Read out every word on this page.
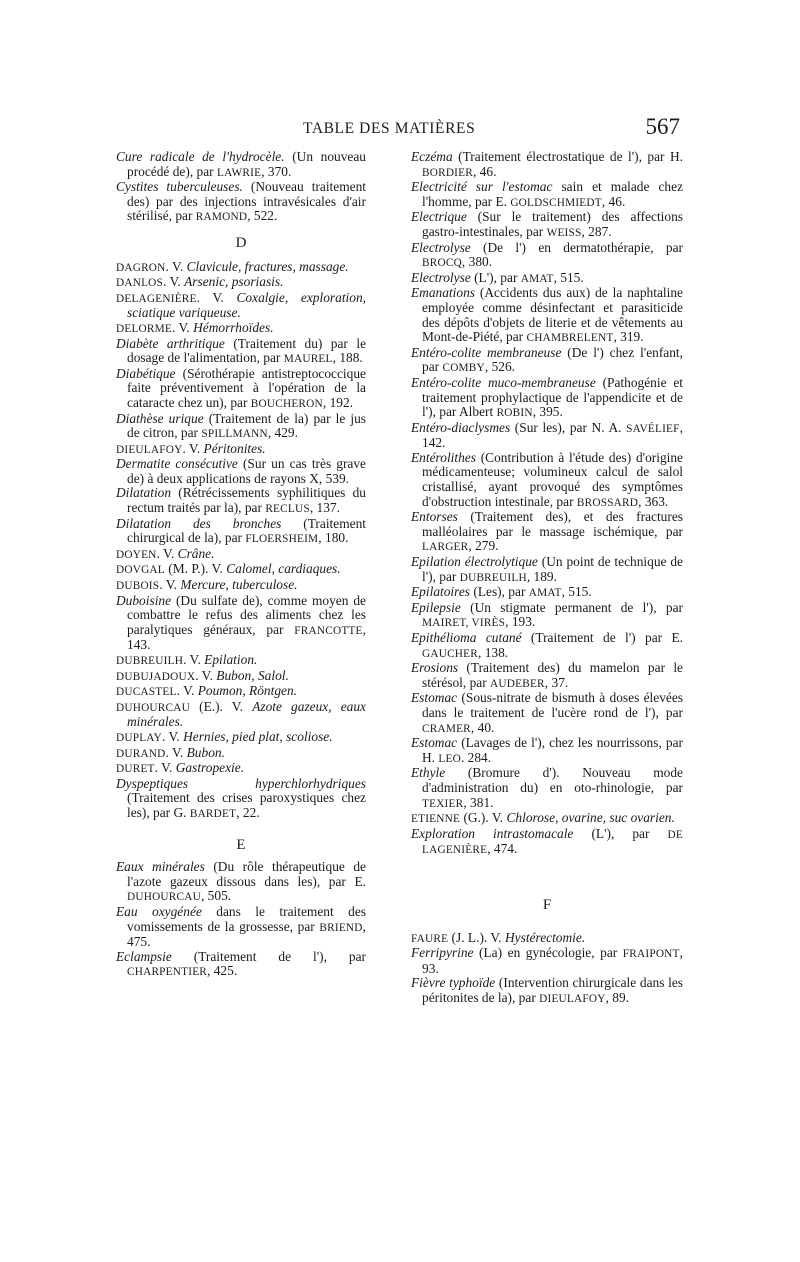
TABLE DES MATIÈRES	567

Cure radicale de l'hydrocèle. (Un nouveau procédé de), par LAWRIE, 370.

Cystites tuberculeuses. (Nouveau traitement des) par des injections intravésicales d'air stérilisé, par RAMOND, 522.

D

DAGRON. V. Clavicule, fractures, massage.

DANLOS. V. Arsenic, psoriasis.

DELAGENIÈRE. V. Coxalgie, exploration, sciatique variqueuse.

DELORME. V. Hémorrhoïdes.

Diabète arthritique (Traitement du) par le dosage de l'alimentation, par MAUREL, 188.

Diabétique (Sérothérapie antistreptococcique faite préventivement à l'opération de la cataracte chez un), par BOUCHERON, 192.

Diathèse urique (Traitement de la) par le jus de citron, par SPILLMANN, 429.

DIEULAFOY. V. Péritonites.

Dermatite consécutive (Sur un cas très grave de) à deux applications de rayons X, 539.

Dilatation (Rétrécissements syphilitiques du rectum traités par la), par RECLUS, 137.

Dilatation des bronches (Traitement chirurgical de la), par FLOERSHEIM, 180.

DOYEN. V. Crâne.

DOVGAL (M. P.). V. Calomel, cardiaques.

DUBOIS. V. Mercure, tuberculose.

Duboisine (Du sulfate de), comme moyen de combattre le refus des aliments chez les paralytiques généraux, par FRANCOTTE, 143.

DUBREUILH. V. Epilation.

DUBUJADOUX. V. Bubon, Salol.

DUCASTEL. V. Poumon, Röntgen.

DUHOURCAU (E.). V. Azote gazeux, eaux minérales.

DUPLAY. V. Hernies, pied plat, scoliose.

DURAND. V. Bubon.

DURET. V. Gastropexie.

Dyspeptiques hyperchlorhydriques (Traitement des crises paroxystiques chez les), par G. BARDET, 22.

E

Eaux minérales (Du rôle thérapeutique de l'azote gazeux dissous dans les), par E. DUHOURCAU, 505.

Eau oxygénée dans le traitement des vomissements de la grossesse, par BRIEND, 475.

Eclampsie (Traitement de l'), par CHARPENTIER, 425.

Eczéma (Traitement électrostatique de l'), par H. BORDIER, 46.

Electricité sur l'estomac sain et malade chez l'homme, par E. GOLDSCHMIEDT, 46.

Electrique (Sur le traitement) des affections gastro-intestinales, par WEISS, 287.

Electrolyse (De l') en dermatothérapie, par BROCQ, 380.

Electrolyse (L'), par AMAT, 515.

Emanations (Accidents dus aux) de la naphtaline employée comme désinfectant et parasiticide des dépôts d'objets de literie et de vêtements au Mont-de-Piété, par CHAMBRELENT, 319.

Entéro-colite membraneuse (De l') chez l'enfant, par COMBY, 526.

Entéro-colite muco-membraneuse (Pathogénie et traitement prophylactique de l'appendicite et de l'), par Albert ROBIN, 395.

Entéro-diaclysmes (Sur les), par N. A. SAVÉLIEF, 142.

Entérolithes (Contribution à l'étude des) d'origine médicamenteuse; volumineux calcul de salol cristallisé, ayant provoqué des symptômes d'obstruction intestinale, par BROSSARD, 363.

Entorses (Traitement des), et des fractures malléolaires par le massage ischémique, par LARGER, 279.

Epilation électrolytique (Un point de technique de l'), par DUBREUILH, 189.

Epilatoires (Les), par AMAT, 515.

Epilepsie (Un stigmate permanent de l'), par MAIRET, VIRÈS, 193.

Epithélioma cutané (Traitement de l') par E. GAUCHER, 138.

Erosions (Traitement des) du mamelon par le stérésol, par AUDEBER, 37.

Estomac (Sous-nitrate de bismuth à doses élevées dans le traitement de l'ucère rond de l'), par CRAMER, 40.

Estomac (Lavages de l'), chez les nourrissons, par H. LEO. 284.

Ethyle (Bromure d'). Nouveau mode d'administration du) en oto-rhinologie, par TEXIER, 381.

ETIENNE (G.). V. Chlorose, ovarine, suc ovarien.

Exploration intrastomacale (L'), par DE LAGENIÈRE, 474.

F

FAURE (J. L.). V. Hystérectomie.

Ferripyrine (La) en gynécologie, par FRAIPONT, 93.

Fièvre typhoïde (Intervention chirurgicale dans les péritonites de la), par DIEULAFOY, 89.
